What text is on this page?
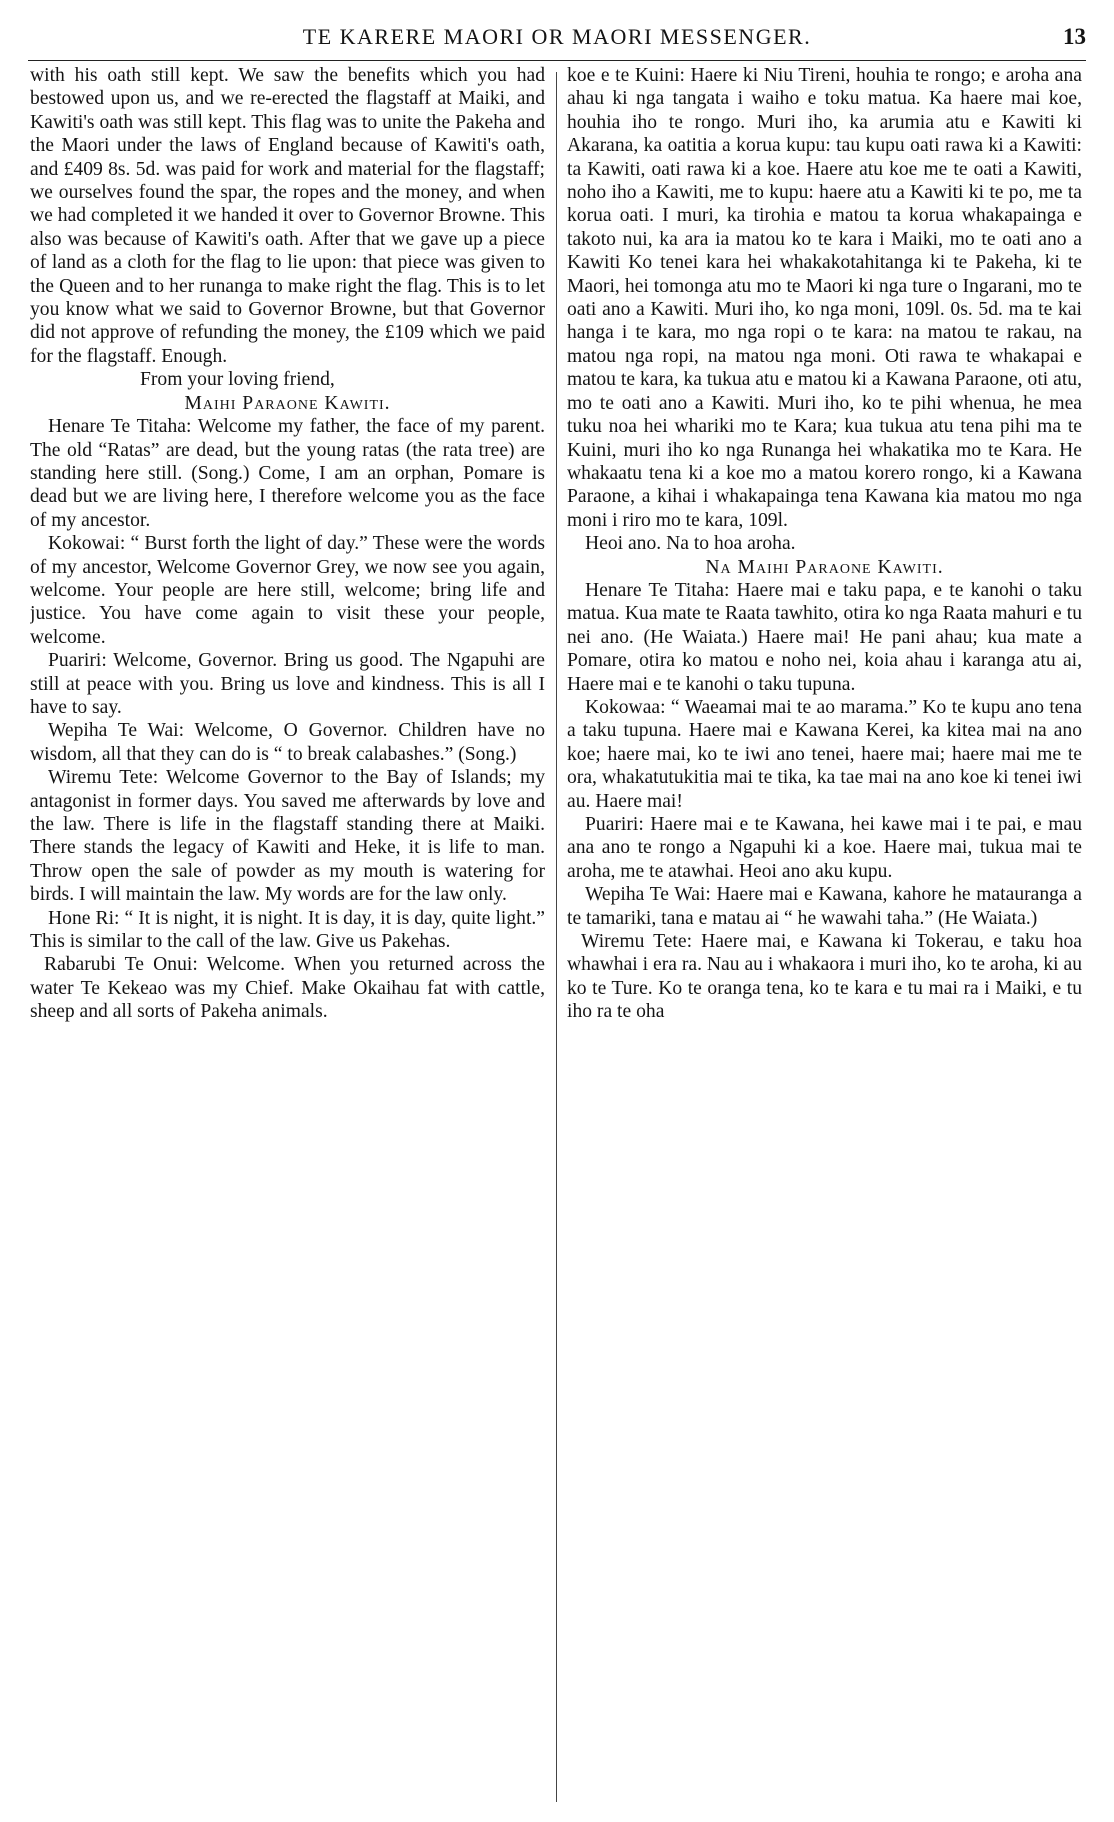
TE KARERE MAORI OR MAORI MESSENGER.	13

with his oath still kept. We saw the benefits which you had bestowed upon us, and we re-erected the flagstaff at Maiki, and Kawiti's oath was still kept. This flag was to unite the Pakeha and the Maori under the laws of England because of Kawiti's oath, and £409 8s. 5d. was paid for work and material for the flagstaff; we ourselves found the spar, the ropes and the money, and when we had completed it we handed it over to Governor Browne. This also was because of Kawiti's oath. After that we gave up a piece of land as a cloth for the flag to lie upon: that piece was given to the Queen and to her runanga to make right the flag. This is to let you know what we said to Governor Browne, but that Governor did not approve of refunding the money, the £109 which we paid for the flagstaff. Enough.

From your loving friend,

Maihi Paraone Kawiti.

Henare Te Titaha: Welcome my father, the face of my parent. The old “Ratas” are dead, but the young ratas (the rata tree) are standing here still. (Song.) Come, I am an orphan, Pomare is dead but we are living here, I therefore welcome you as the face of my ancestor.

Kokowai: “ Burst forth the light of day.” These were the words of my ancestor, Welcome Governor Grey, we now see you again, welcome. Your people are here still, welcome; bring life and justice. You have come again to visit these your people, welcome.

Puariri: Welcome, Governor. Bring us good. The Ngapuhi are still at peace with you. Bring us love and kindness. This is all I have to say.

Wepiha Te Wai: Welcome, O Governor. Children have no wisdom, all that they can do is “ to break calabashes.” (Song.)

Wiremu Tete: Welcome Governor to the Bay of Islands; my antagonist in former days. You saved me afterwards by love and the law. There is life in the flagstaff standing there at Maiki. There stands the legacy of Kawiti and Heke, it is life to man. Throw open the sale of powder as my mouth is watering for birds. I will maintain the law. My words are for the law only.

Hone Ri: “ It is night, it is night. It is day, it is day, quite light.” This is similar to the call of the law. Give us Pakehas.

Rabarubi Te Onui: Welcome. When you returned across the water Te Kekeao was my Chief. Make Okaihau fat with cattle, sheep and all sorts of Pakeha animals.

koe e te Kuini: Haere ki Niu Tireni, houhia te rongo; e aroha ana ahau ki nga tangata i waiho e toku matua. Ka haere mai koe, houhia iho te rongo. Muri iho, ka arumia atu e Kawiti ki Akarana, ka oatitia a korua kupu: tau kupu oati rawa ki a Kawiti: ta Kawiti, oati rawa ki a koe. Haere atu koe me te oati a Kawiti, noho iho a Kawiti, me to kupu: haere atu a Kawiti ki te po, me ta korua oati. I muri, ka tirohia e matou ta korua whakapainga e takoto nui, ka ara ia matou ko te kara i Maiki, mo te oati ano a Kawiti Ko tenei kara hei whakakotahitanga ki te Pakeha, ki te Maori, hei tomonga atu mo te Maori ki nga ture o Ingarani, mo te oati ano a Kawiti. Muri iho, ko nga moni, 109l. 0s. 5d. ma te kai hanga i te kara, mo nga ropi o te kara: na matou te rakau, na matou nga ropi, na matou nga moni. Oti rawa te whakapai e matou te kara, ka tukua atu e matou ki a Kawana Paraone, oti atu, mo te oati ano a Kawiti. Muri iho, ko te pihi whenua, he mea tuku noa hei whariki mo te Kara; kua tukua atu tena pihi ma te Kuini, muri iho ko nga Runanga hei whakatika mo te Kara. He whakaatu tena ki a koe mo a matou korero rongo, ki a Kawana Paraone, a kihai i whakapainga tena Kawana kia matou mo nga moni i riro mo te kara, 109l.

Heoi ano. Na to hoa aroha.

Na Maihi Paraone Kawiti.

Henare Te Titaha: Haere mai e taku papa, e te kanohi o taku matua. Kua mate te Raata tawhito, otira ko nga Raata mahuri e tu nei ano. (He Waiata.) Haere mai! He pani ahau; kua mate a Pomare, otira ko matou e noho nei, koia ahau i karanga atu ai, Haere mai e te kanohi o taku tupuna.

Kokowaa: “ Waeamai mai te ao marama.” Ko te kupu ano tena a taku tupuna. Haere mai e Kawana Kerei, ka kitea mai na ano koe; haere mai, ko te iwi ano tenei, haere mai; haere mai me te ora, whakatutukitia mai te tika, ka tae mai na ano koe ki tenei iwi au. Haere mai!

Puariri: Haere mai e te Kawana, hei kawe mai i te pai, e mau ana ano te rongo a Ngapuhi ki a koe. Haere mai, tukua mai te aroha, me te atawhai. Heoi ano aku kupu.

Wepiha Te Wai: Haere mai e Kawana, kahore he matauranga a te tamariki, tana e matau ai “ he wawahi taha.” (He Waiata.)

Wiremu Tete: Haere mai, e Kawana ki Tokerau, e taku hoa whawhai i era ra. Nau au i whakaora i muri iho, ko te aroha, ki au ko te Ture. Ko te oranga tena, ko te kara e tu mai ra i Maiki, e tu iho ra te oha
